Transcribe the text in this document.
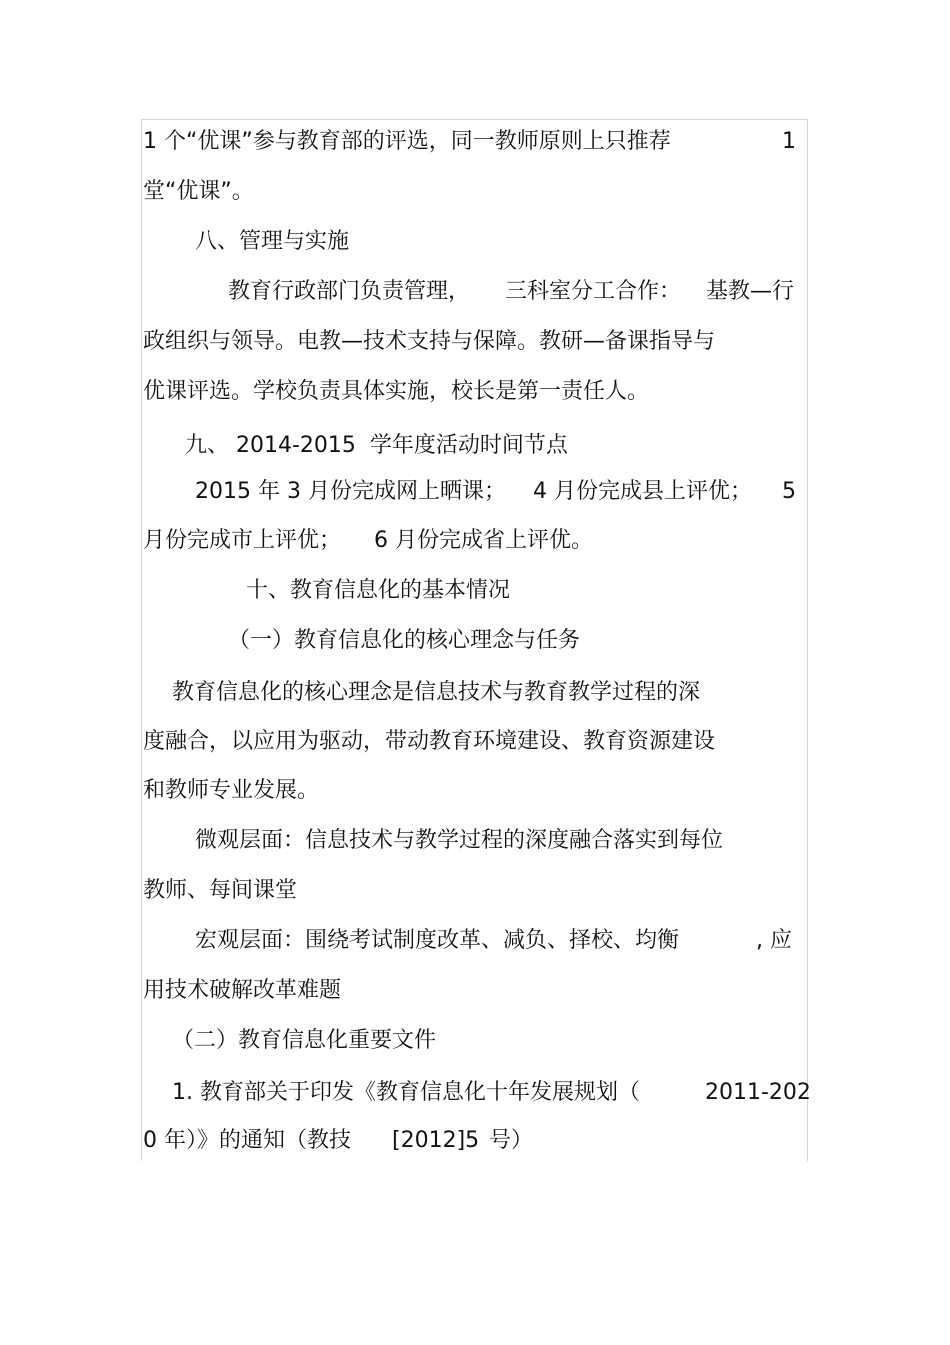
1 个“优课”参与教育部的评选，同一教师原则上只推荐	1

堂“优课”。

八、管理与实施

教育行政部门负责管理， 三科室分工合作： 基教—行

政组织与领导。电教—技术支持与保障。教研—备课指导与

优课评选。学校负责具体实施，校长是第一责任人。

九、 2014-2015  学年度活动时间节点

2015 年 3 月份完成网上晒课； 4 月份完成县上评优； 5

月份完成市上评优； 6 月份完成省上评优。

十、教育信息化的基本情况

（一）教育信息化的核心理念与任务

教育信息化的核心理念是信息技术与教育教学过程的深

度融合，以应用为驱动，带动教育环境建设、教育资源建设

和教师专业发展。

微观层面：信息技术与教学过程的深度融合落实到每位

教师、每间课堂

宏观层面：围绕考试制度改革、减负、择校、均衡	, 应

用技术破解改革难题

（二）教育信息化重要文件

1. 教育部关于印发《教育信息化十年发展规划（	2011-202

0 年）》的通知（教技 [2012]5 号）
